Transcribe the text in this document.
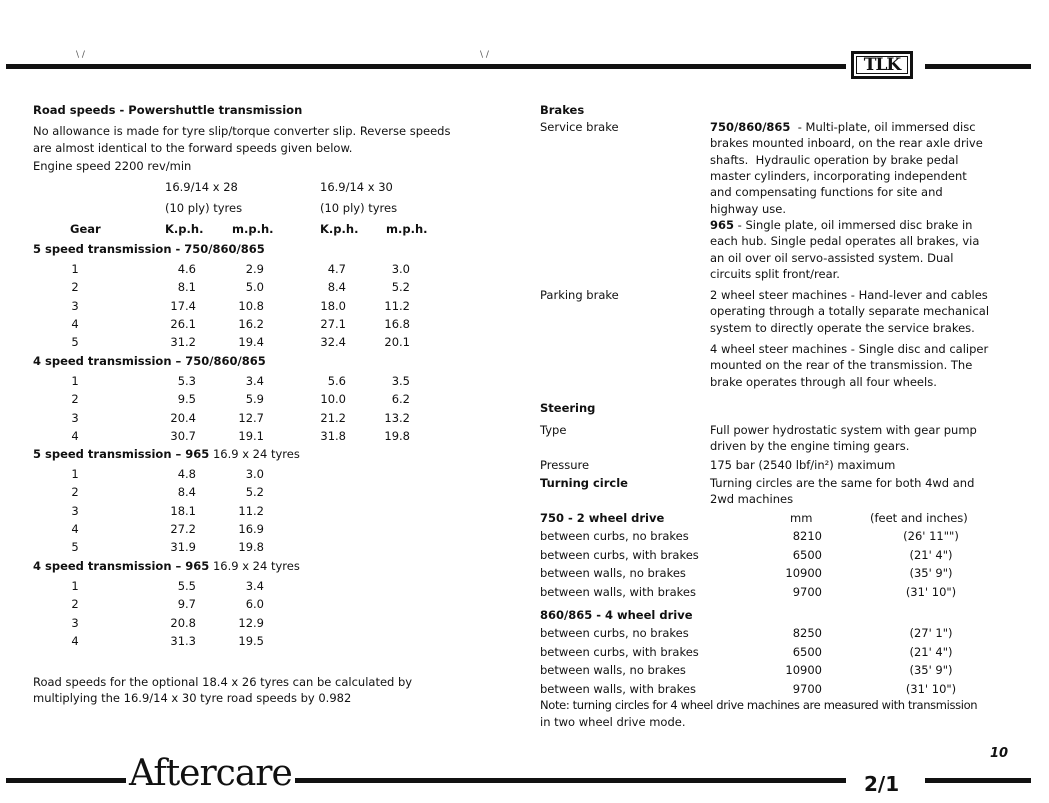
\ /	\ /	TLK
Road speeds - Powershuttle transmission
No allowance is made for tyre slip/torque converter slip. Reverse speeds
are almost identical to the forward speeds given below.
Engine speed 2200 rev/min
16.9/14 x 28	16.9/14 x 30
(10 ply) tyres	(10 ply) tyres
Gear	K.p.h. m.p.h.	K.p.h. m.p.h.
5 speed transmission - 750/860/865
1	4.6	2.9	4.7	3.0
2	8.1	5.0	8.4	5.2
3	17.4	10.8	18.0	11.2
4	26.1	16.2	27.1	16.8
5	31.2	19.4	32.4	20.1
4 speed transmission – 750/860/865
1	5.3	3.4	5.6	3.5
2	9.5	5.9	10.0	6.2
3	20.4	12.7	21.2	13.2
4	30.7	19.1	31.8	19.8
5 speed transmission – 965 16.9 x 24 tyres
1	4.8	3.0
2	8.4	5.2
3	18.1	11.2
4	27.2	16.9
5	31.9	19.8
4 speed transmission – 965 16.9 x 24 tyres
1	5.5	3.4
2	9.7	6.0
3	20.8	12.9
4	31.3	19.5
Road speeds for the optional 18.4 x 26 tyres can be calculated by
multiplying the 16.9/14 x 30 tyre road speeds by 0.982
Brakes
Service brake	750/860/865  - Multi-plate, oil immersed disc
brakes mounted inboard, on the rear axle drive
shafts.  Hydraulic operation by brake pedal
master cylinders, incorporating independent
and compensating functions for site and
highway use.
965 - Single plate, oil immersed disc brake in
each hub. Single pedal operates all brakes, via
an oil over oil servo-assisted system. Dual
circuits split front/rear.
Parking brake	2 wheel steer machines - Hand-lever and cables
operating through a totally separate mechanical
system to directly operate the service brakes.
4 wheel steer machines - Single disc and caliper
mounted on the rear of the transmission. The
brake operates through all four wheels.
Steering
Type	Full power hydrostatic system with gear pump
driven by the engine timing gears.
Pressure	175 bar (2540 lbf/in²) maximum
Turning circle	Turning circles are the same for both 4wd and
2wd machines
750 - 2 wheel drive	mm	(feet and inches)
between curbs, no brakes	8210	(26' 11"")
between curbs, with brakes	6500	(21' 4")
between walls, no brakes	10900	(35' 9")
between walls, with brakes	9700	(31' 10")
860/865 - 4 wheel drive
between curbs, no brakes	8250	(27' 1")
between curbs, with brakes	6500	(21' 4")
between walls, no brakes	10900	(35' 9")
between walls, with brakes	9700	(31' 10")
Note: turning circles for 4 wheel drive machines are measured with transmission
in two wheel drive mode.
10
Aftercare	2/1
